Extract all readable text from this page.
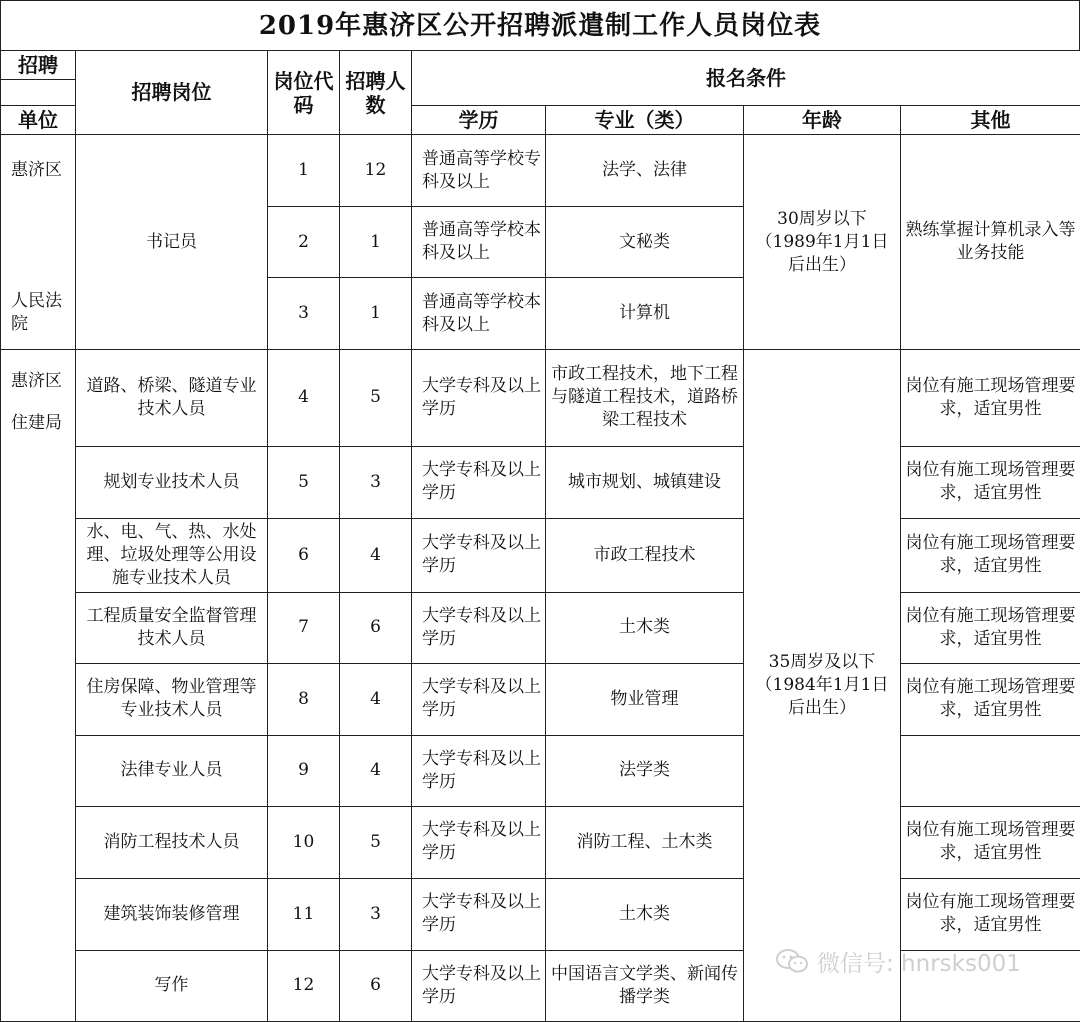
2019年惠济区公开招聘派遣制工作人员岗位表
招聘	招聘岗位	岗位代码	招聘人数	报名条件			

单位				学历	专业（类）	年龄	其他
惠济区	书记员	1	12	普通高等学校专科及以上	法学、法律	30周岁以下（1989年1月1日后出生）	熟练掌握计算机录入等业务技能
		2	1	普通高等学校本科及以上	文秘类		
人民法院		3	1	普通高等学校本科及以上	计算机		

惠济区
住建局	道路、桥梁、隧道专业技术人员	4	5	大学专科及以上学历	市政工程技术，地下工程与隧道工程技术，道路桥梁工程技术	35周岁及以下（1984年1月1日后出生）	岗位有施工现场管理要求，适宜男性
	规划专业技术人员	5	3	大学专科及以上学历	城市规划、城镇建设		岗位有施工现场管理要求，适宜男性
	水、电、气、热、水处理、垃圾处理等公用设施专业技术人员	6	4	大学专科及以上学历	市政工程技术		岗位有施工现场管理要求，适宜男性
	工程质量安全监督管理技术人员	7	6	大学专科及以上学历	土木类		岗位有施工现场管理要求，适宜男性
	住房保障、物业管理等专业技术人员	8	4	大学专科及以上学历	物业管理		岗位有施工现场管理要求，适宜男性
	法律专业人员	9	4	大学专科及以上学历	法学类		
	消防工程技术人员	10	5	大学专科及以上学历	消防工程、土木类		岗位有施工现场管理要求，适宜男性
	建筑装饰装修管理	11	3	大学专科及以上学历	土木类		岗位有施工现场管理要求，适宜男性
	写作	12	6	大学专科及以上学历	中国语言文学类、新闻传播学类		
微信号: hnrsks001
